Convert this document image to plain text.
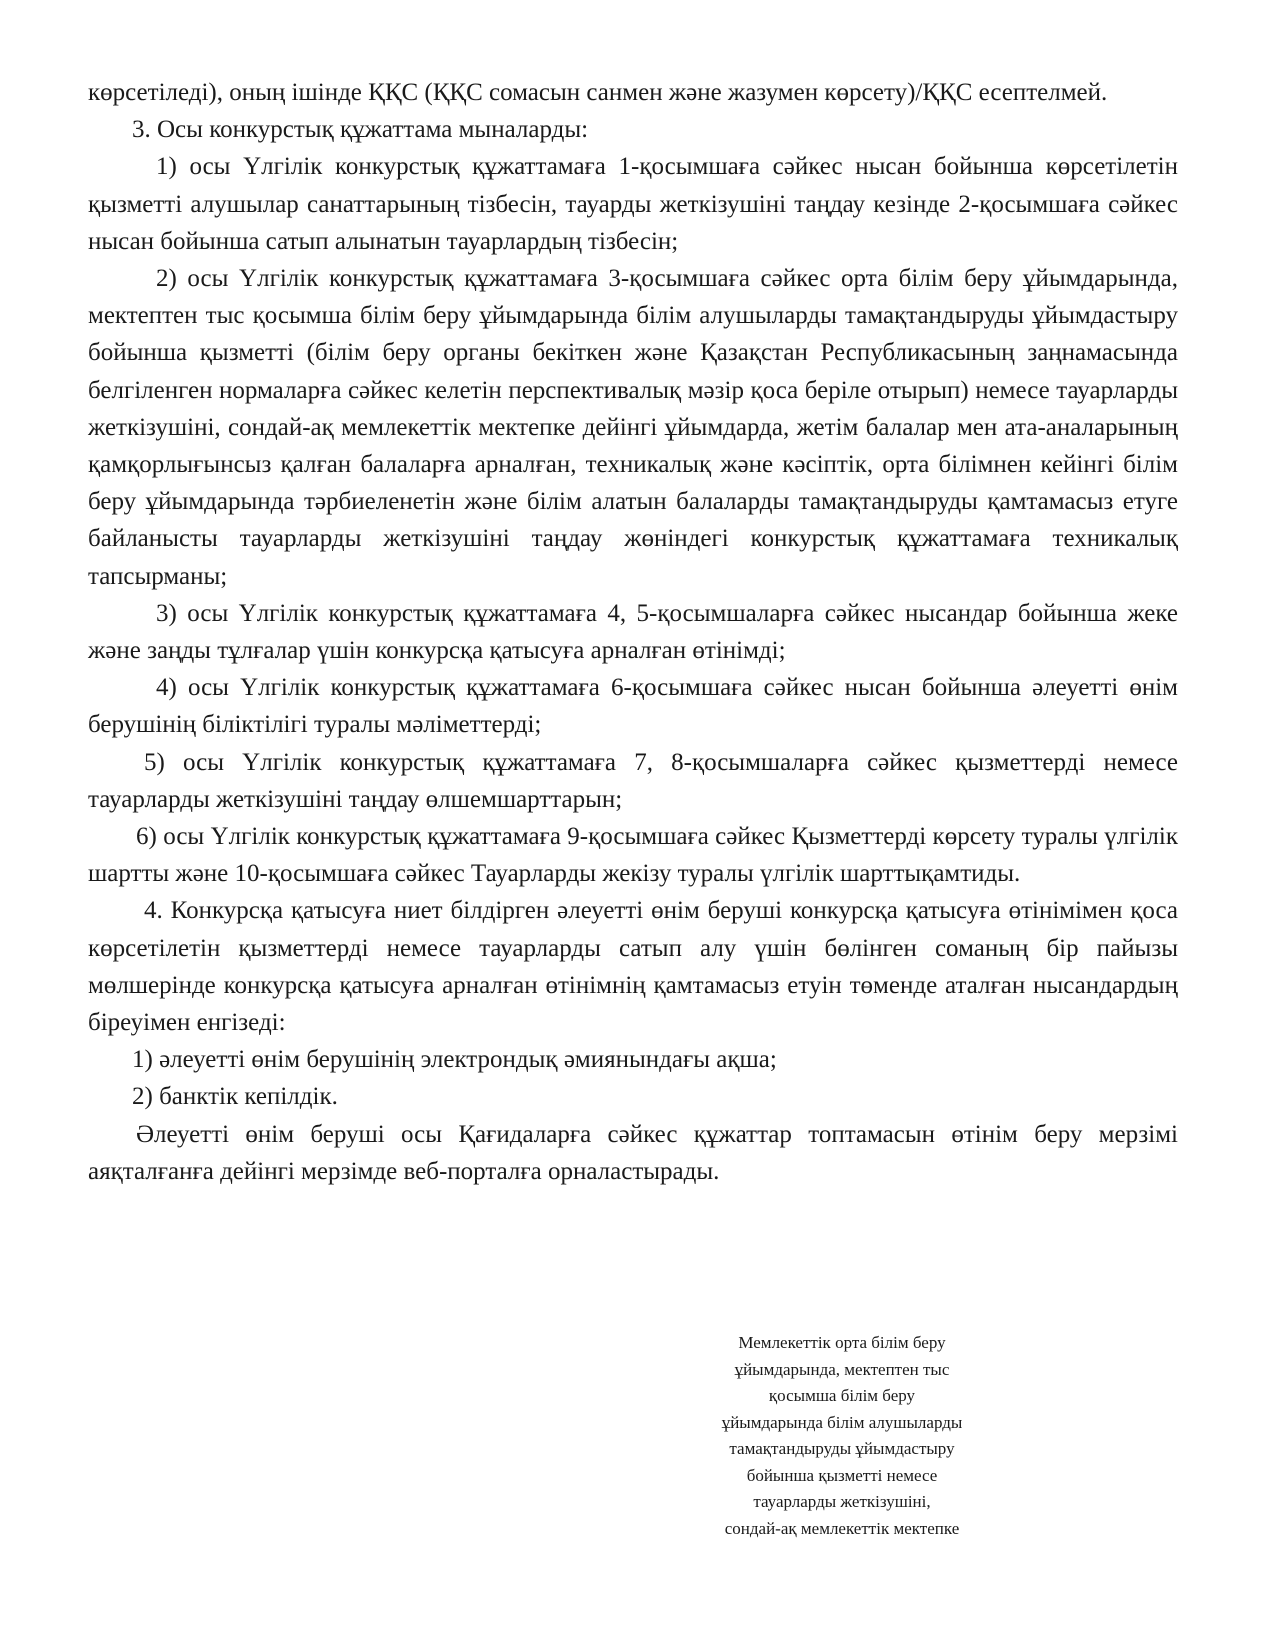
көрсетіледі), оның ішінде ҚҚС (ҚҚС сомасын санмен және жазумен көрсету)/ҚҚС есептелмей.

3. Осы конкурстық құжаттама мыналарды:

1) осы Үлгілік конкурстық құжаттамаға 1-қосымшаға сәйкес нысан бойынша көрсетілетін қызметті алушылар санаттарының тізбесін, тауарды жеткізушіні таңдау кезінде 2-қосымшаға сәйкес нысан бойынша сатып алынатын тауарлардың тізбесін;

2) осы Үлгілік конкурстық құжаттамаға 3-қосымшаға сәйкес орта білім беру ұйымдарында, мектептен тыс қосымша білім беру ұйымдарында білім алушыларды тамақтандыруды ұйымдастыру бойынша қызметті (білім беру органы бекіткен және Қазақстан Республикасының заңнамасында белгіленген нормаларға сәйкес келетін перспективалық мәзір қоса беріле отырып) немесе тауарларды жеткізушіні, сондай-ақ мемлекеттік мектепке дейінгі ұйымдарда, жетім балалар мен ата-аналарының қамқорлығынсыз қалған балаларға арналған, техникалық және кәсіптік, орта білімнен кейінгі білім беру ұйымдарында тәрбиеленетін және білім алатын балаларды тамақтандыруды қамтамасыз етуге байланысты тауарларды жеткізушіні таңдау жөніндегі конкурстық құжаттамаға техникалық тапсырманы;

3) осы Үлгілік конкурстық құжаттамаға 4, 5-қосымшаларға сәйкес нысандар бойынша жеке және заңды тұлғалар үшін конкурсқа қатысуға арналған өтінімді;

4) осы Үлгілік конкурстық құжаттамаға 6-қосымшаға сәйкес нысан бойынша әлеуетті өнім берушінің біліктілігі туралы мәліметтерді;

5) осы Үлгілік конкурстық құжаттамаға 7, 8-қосымшаларға сәйкес қызметтерді немесе тауарларды жеткізушіні таңдау өлшемшарттарын;

6) осы Үлгілік конкурстық құжаттамаға 9-қосымшаға сәйкес Қызметтерді көрсету туралы үлгілік шартты және 10-қосымшаға сәйкес Тауарларды жекізу туралы үлгілік шарттықамтиды.

4. Конкурсқа қатысуға ниет білдірген әлеуетті өнім беруші конкурсқа қатысуға өтінімімен қоса көрсетілетін қызметтерді немесе тауарларды сатып алу үшін бөлінген соманың бір пайызы мөлшерінде конкурсқа қатысуға арналған өтінімнің қамтамасыз етуін төменде аталған нысандардың біреуімен енгізеді:

1) әлеуетті өнім берушінің электрондық әмиянындағы ақша;

2) банктік кепілдік.

Әлеуетті өнім беруші осы Қағидаларға сәйкес құжаттар топтамасын өтінім беру мерзімі аяқталғанға дейінгі мерзімде веб-порталға орналастырады.

Мемлекеттік орта білім беру
ұйымдарында, мектептен тыс
қосымша білім беру
ұйымдарында білім алушыларды
тамақтандыруды ұйымдастыру
бойынша қызметті немесе
тауарларды жеткізушіні,
сондай-ақ мемлекеттік мектепке
